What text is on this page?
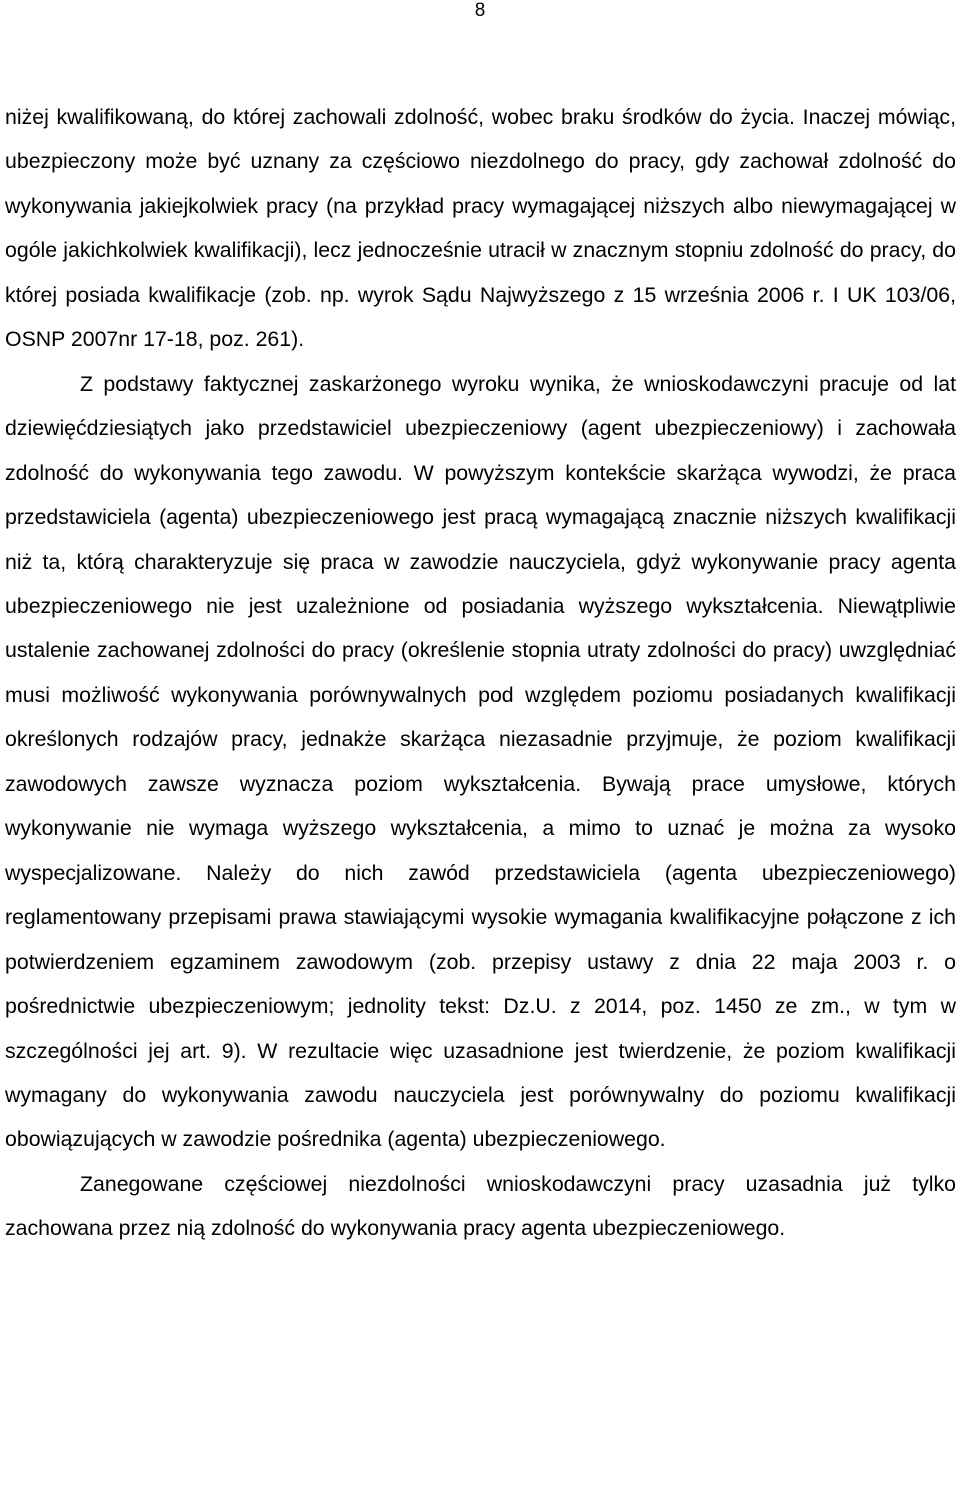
8

niżej kwalifikowaną, do której zachowali zdolność, wobec braku środków do życia. Inaczej mówiąc, ubezpieczony może być uznany za częściowo niezdolnego do pracy, gdy zachował zdolność do wykonywania jakiejkolwiek pracy (na przykład pracy wymagającej niższych albo niewymagającej w ogóle jakichkolwiek kwalifikacji), lecz jednocześnie utracił w znacznym stopniu zdolność do pracy, do której posiada kwalifikacje (zob. np. wyrok Sądu Najwyższego z 15 września 2006 r. I UK 103/06, OSNP 2007nr 17-18, poz. 261).

Z podstawy faktycznej zaskarżonego wyroku wynika, że wnioskodawczyni pracuje od lat dziewięćdziesiątych jako przedstawiciel ubezpieczeniowy (agent ubezpieczeniowy) i zachowała zdolność do wykonywania tego zawodu. W powyższym kontekście skarżąca wywodzi, że praca przedstawiciela (agenta) ubezpieczeniowego jest pracą wymagającą znacznie niższych kwalifikacji niż ta, którą charakteryzuje się praca w zawodzie nauczyciela, gdyż wykonywanie pracy agenta ubezpieczeniowego nie jest uzależnione od posiadania wyższego wykształcenia. Niewątpliwie ustalenie zachowanej zdolności do pracy (określenie stopnia utraty zdolności do pracy) uwzględniać musi możliwość wykonywania porównywalnych pod względem poziomu posiadanych kwalifikacji określonych rodzajów pracy, jednakże skarżąca niezasadnie przyjmuje, że poziom kwalifikacji zawodowych zawsze wyznacza poziom wykształcenia. Bywają prace umysłowe, których wykonywanie nie wymaga wyższego wykształcenia, a mimo to uznać je można za wysoko wyspecjalizowane. Należy do nich zawód przedstawiciela (agenta ubezpieczeniowego) reglamentowany przepisami prawa stawiającymi wysokie wymagania kwalifikacyjne połączone z ich potwierdzeniem egzaminem zawodowym (zob. przepisy ustawy z dnia 22 maja 2003 r. o pośrednictwie ubezpieczeniowym; jednolity tekst: Dz.U. z 2014, poz. 1450 ze zm., w tym w szczególności jej art. 9). W rezultacie więc uzasadnione jest twierdzenie, że poziom kwalifikacji wymagany do wykonywania zawodu nauczyciela jest porównywalny do poziomu kwalifikacji obowiązujących w zawodzie pośrednika (agenta) ubezpieczeniowego.

Zanegowane częściowej niezdolności wnioskodawczyni pracy uzasadnia już tylko zachowana przez nią zdolność do wykonywania pracy agenta ubezpieczeniowego.
